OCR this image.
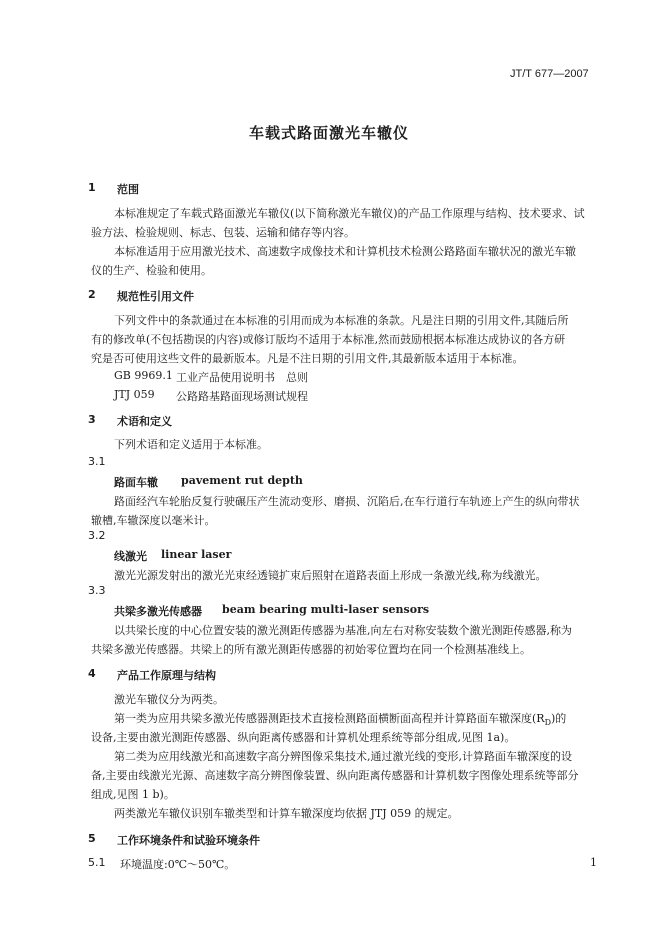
JT/T 677—2007
车载式路面激光车辙仪
1 范围
本标准规定了车载式路面激光车辙仪(以下简称激光车辙仪)的产品工作原理与结构、技术要求、试
验方法、检验规则、标志、包装、运输和储存等内容。
本标准适用于应用激光技术、高速数字成像技术和计算机技术检测公路路面车辙状况的激光车辙
仪的生产、检验和使用。
2 规范性引用文件
下列文件中的条款通过在本标准的引用而成为本标准的条款。凡是注日期的引用文件,其随后所
有的修改单(不包括勘误的内容)或修订版均不适用于本标准,然而鼓励根据本标准达成协议的各方研
究是否可使用这些文件的最新版本。凡是不注日期的引用文件,其最新版本适用于本标准。
GB 9969.1 工业产品使用说明书　总则
JTJ 059 公路路基路面现场测试规程
3 术语和定义
下列术语和定义适用于本标准。
3.1
路面车辙 pavement rut depth
路面经汽车轮胎反复行驶碾压产生流动变形、磨损、沉陷后,在车行道行车轨迹上产生的纵向带状
辙槽,车辙深度以毫米计。
3.2
线激光 linear laser
激光光源发射出的激光光束经透镜扩束后照射在道路表面上形成一条激光线,称为线激光。
3.3
共梁多激光传感器 beam bearing multi-laser sensors
以共梁长度的中心位置安装的激光测距传感器为基准,向左右对称安装数个激光测距传感器,称为
共梁多激光传感器。共梁上的所有激光测距传感器的初始零位置均在同一个检测基准线上。
4 产品工作原理与结构
激光车辙仪分为两类。
第一类为应用共梁多激光传感器测距技术直接检测路面横断面高程并计算路面车辙深度$(R_D)$的
设备,主要由激光测距传感器、纵向距离传感器和计算机处理系统等部分组成,见图 1a)。
第二类为应用线激光和高速数字高分辨图像采集技术,通过激光线的变形,计算路面车辙深度的设
备,主要由线激光光源、高速数字高分辨图像装置、纵向距离传感器和计算机数字图像处理系统等部分
组成,见图 1 b)。
两类激光车辙仪识别车辙类型和计算车辙深度均依据 JTJ 059 的规定。
5 工作环境条件和试验环境条件
5.1 环境温度:0℃～50℃。	1
